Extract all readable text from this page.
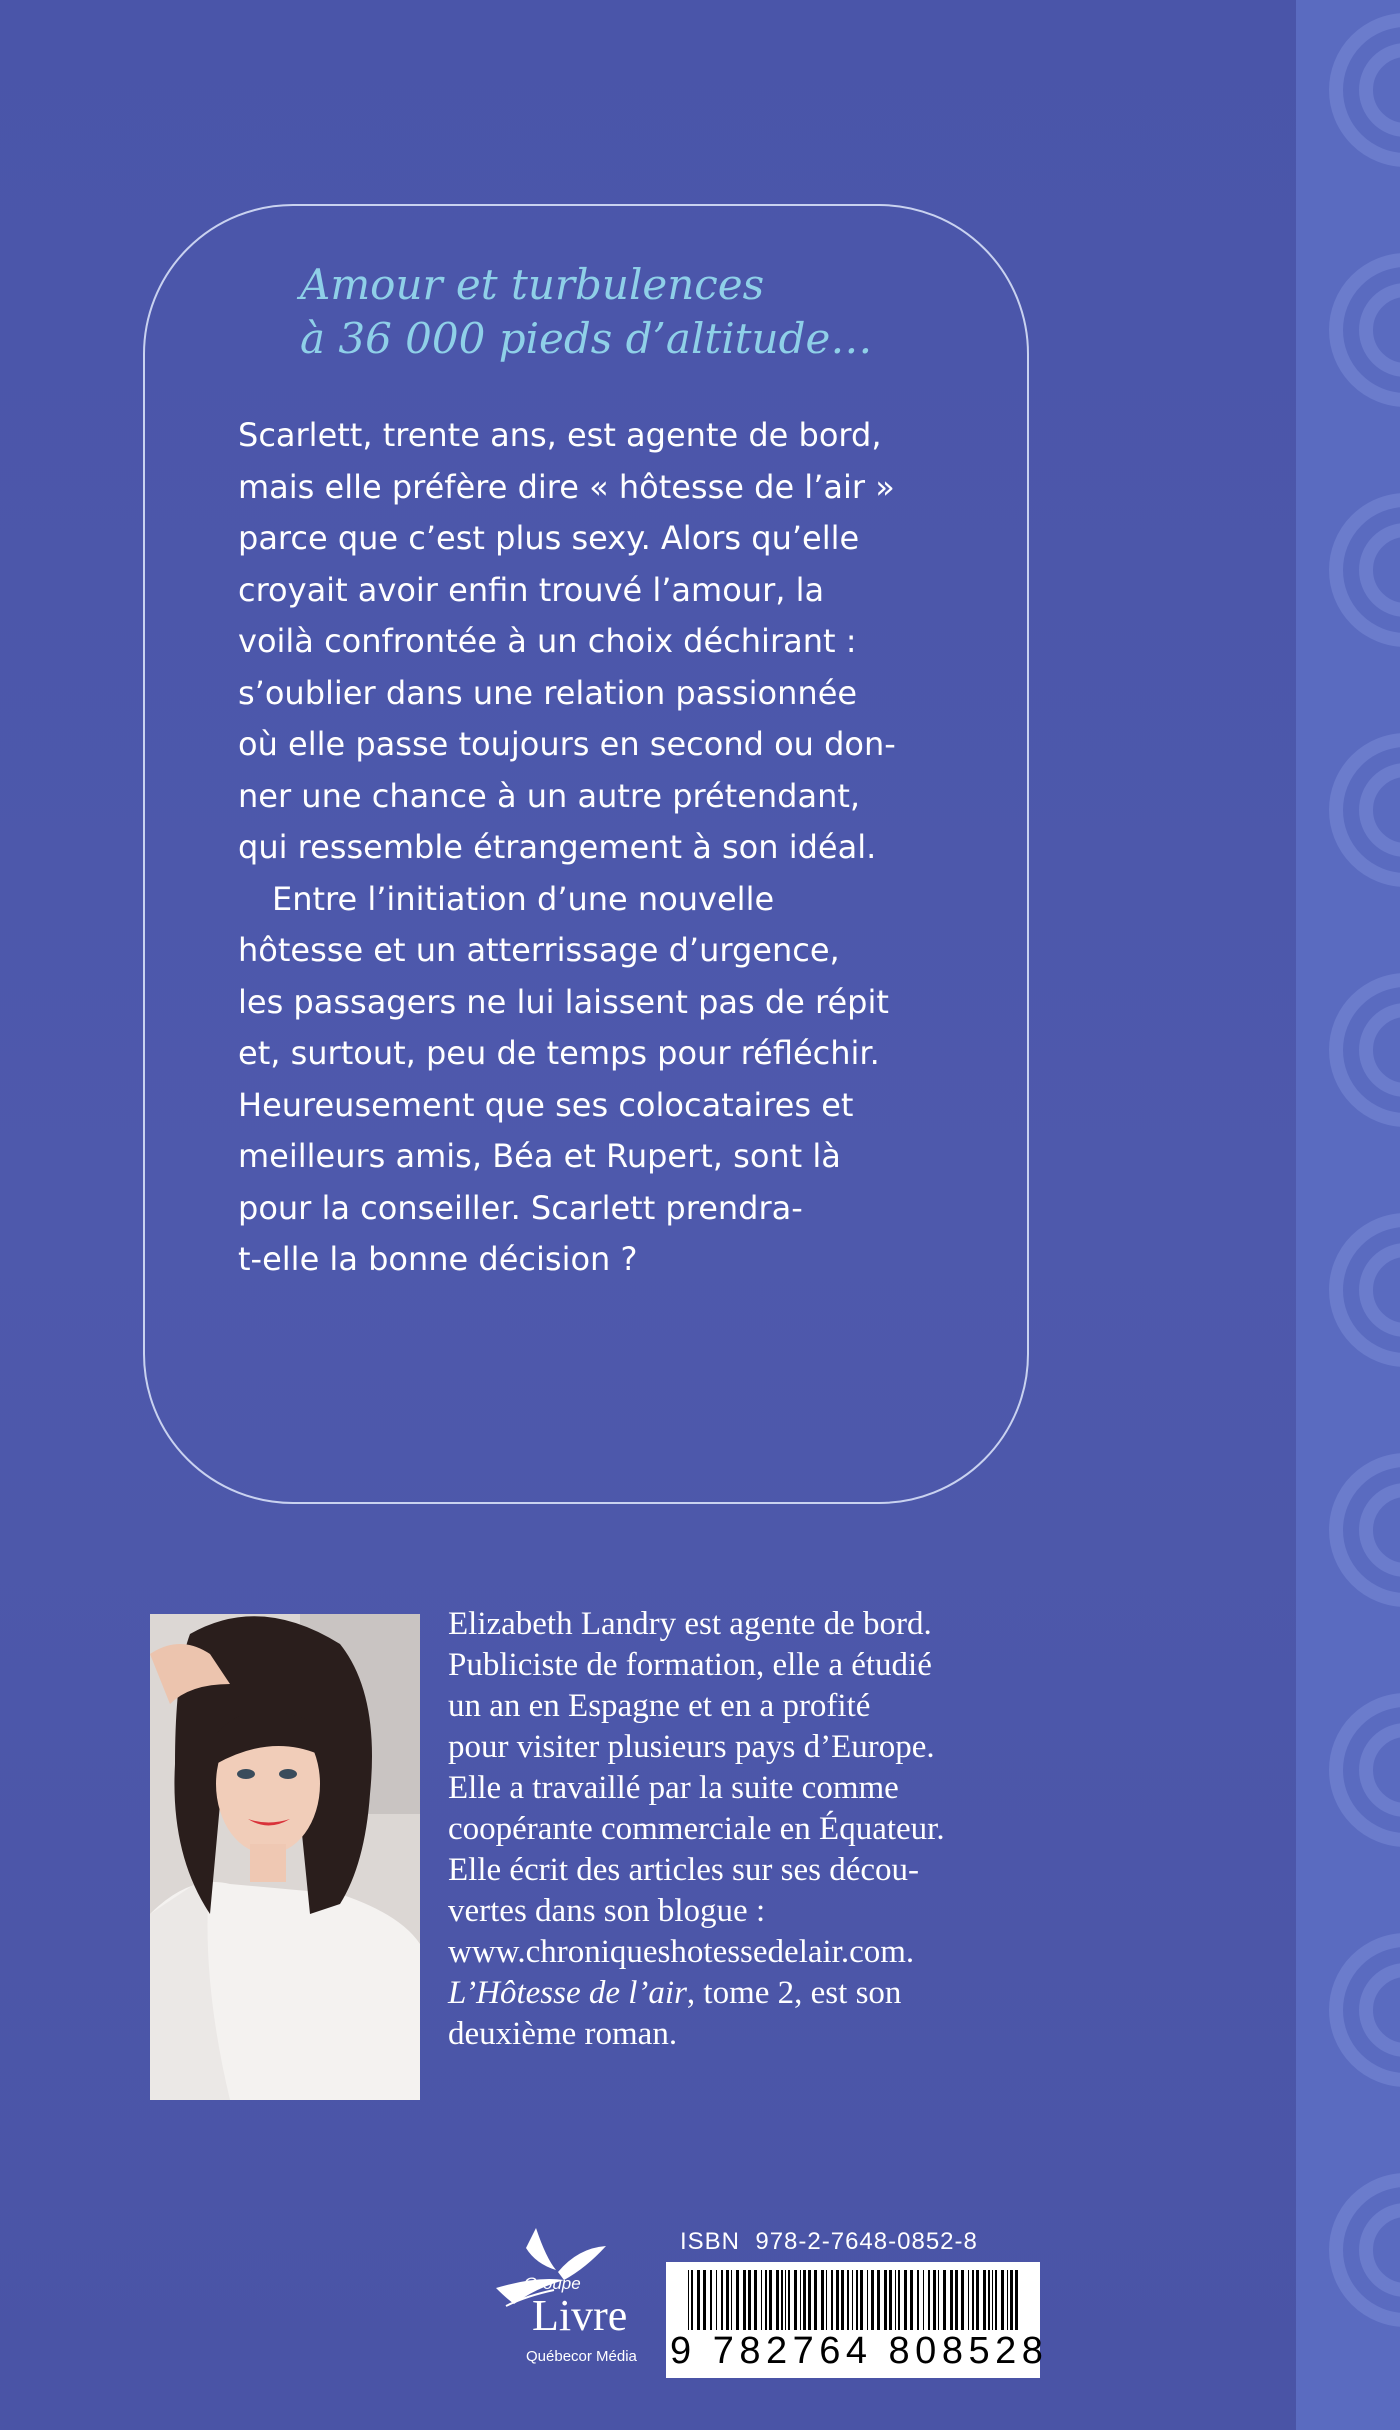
Amour et turbulences
à 36 000 pieds d’altitude…
Scarlett, trente ans, est agente de bord,
mais elle préfère dire « hôtesse de l’air »
parce que c’est plus sexy. Alors qu’elle
croyait avoir enfin trouvé l’amour, la
voilà confrontée à un choix déchirant :
s’oublier dans une relation passionnée
où elle passe toujours en second ou don-
ner une chance à un autre prétendant,
qui ressemble étrangement à son idéal.
Entre l’initiation d’une nouvelle
hôtesse et un atterrissage d’urgence,
les passagers ne lui laissent pas de répit
et, surtout, peu de temps pour réfléchir.
Heureusement que ses colocataires et
meilleurs amis, Béa et Rupert, sont là
pour la conseiller. Scarlett prendra-
t-elle la bonne décision ?
Elizabeth Landry est agente de bord.
Publiciste de formation, elle a étudié
un an en Espagne et en a profité
pour visiter plusieurs pays d’Europe.
Elle a travaillé par la suite comme
coopérante commerciale en Équateur.
Elle écrit des articles sur ses décou-
vertes dans son blogue :
www.chroniqueshotessedelair.com.
L’Hôtesse de l’air, tome 2, est son
deuxième roman.
Groupe
Livre
Québecor Média
ISBN 978-2-7648-0852-8
9 782764 808528
